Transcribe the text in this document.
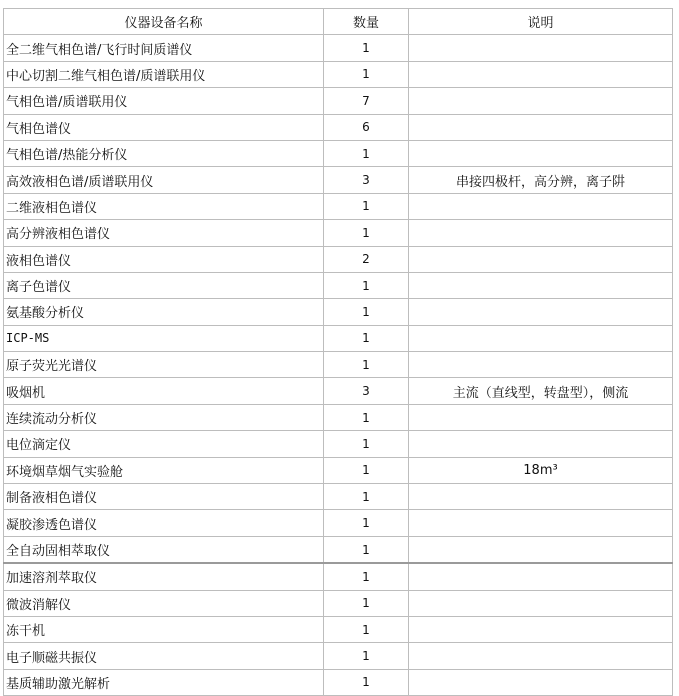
仪器设备名称	数量	说明
全二维气相色谱/飞行时间质谱仪	1	
中心切割二维气相色谱/质谱联用仪	1	
气相色谱/质谱联用仪	7	
气相色谱仪	6	
气相色谱/热能分析仪	1	
高效液相色谱/质谱联用仪	3	串接四极杆，高分辨，离子阱
二维液相色谱仪	1	
高分辨液相色谱仪	1	
液相色谱仪	2	
离子色谱仪	1	
氨基酸分析仪	1	
ICP-MS	1	
原子荧光光谱仪	1	
吸烟机	3	主流（直线型，转盘型），侧流
连续流动分析仪	1	
电位滴定仪	1	
环境烟草烟气实验舱	1	18m³
制备液相色谱仪	1	
凝胶渗透色谱仪	1	
全自动固相萃取仪	1	
加速溶剂萃取仪	1	
微波消解仪	1	
冻干机	1	
电子顺磁共振仪	1	
基质辅助激光解析	1	
